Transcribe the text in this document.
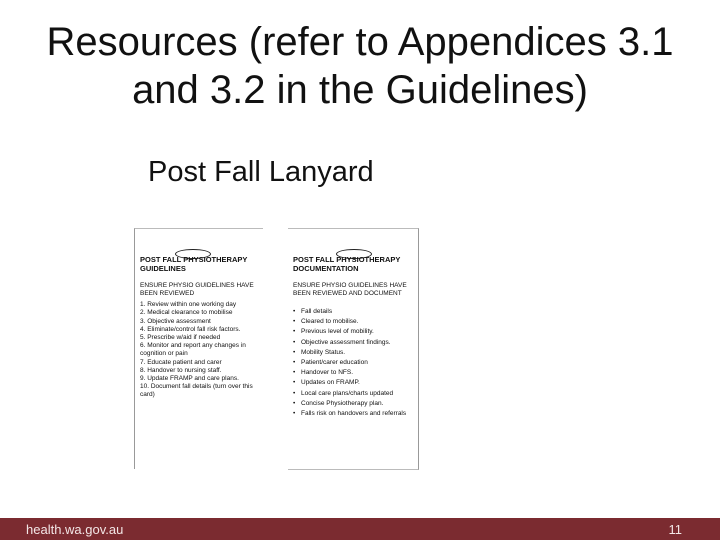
Resources (refer to Appendices 3.1 and 3.2 in the Guidelines)
Post Fall Lanyard
POST FALL PHYSIOTHERAPY GUIDELINES
ENSURE PHYSIO GUIDELINES HAVE BEEN REVIEWED
1. Review within one working day
2. Medical clearance to mobilise
3. Objective assessment
4. Eliminate/control fall risk factors.
5. Prescribe w/aid if needed
6. Monitor and report any changes in cognition or pain
7. Educate patient and carer
8. Handover to nursing staff.
9. Update FRAMP and care plans.
10. Document fall details (turn over this card)
POST FALL PHYSIOTHERAPY DOCUMENTATION
ENSURE PHYSIO GUIDELINES HAVE BEEN REVIEWED AND DOCUMENT
• Fall details
• Cleared to mobilise.
• Previous level of mobility.
• Objective assessment findings.
• Mobility Status.
• Patient/carer education
• Handover to NFS.
• Updates on FRAMP.
• Local care plans/charts updated
• Concise Physiotherapy plan.
• Falls risk on handovers and referrals
health.wa.gov.au	11
